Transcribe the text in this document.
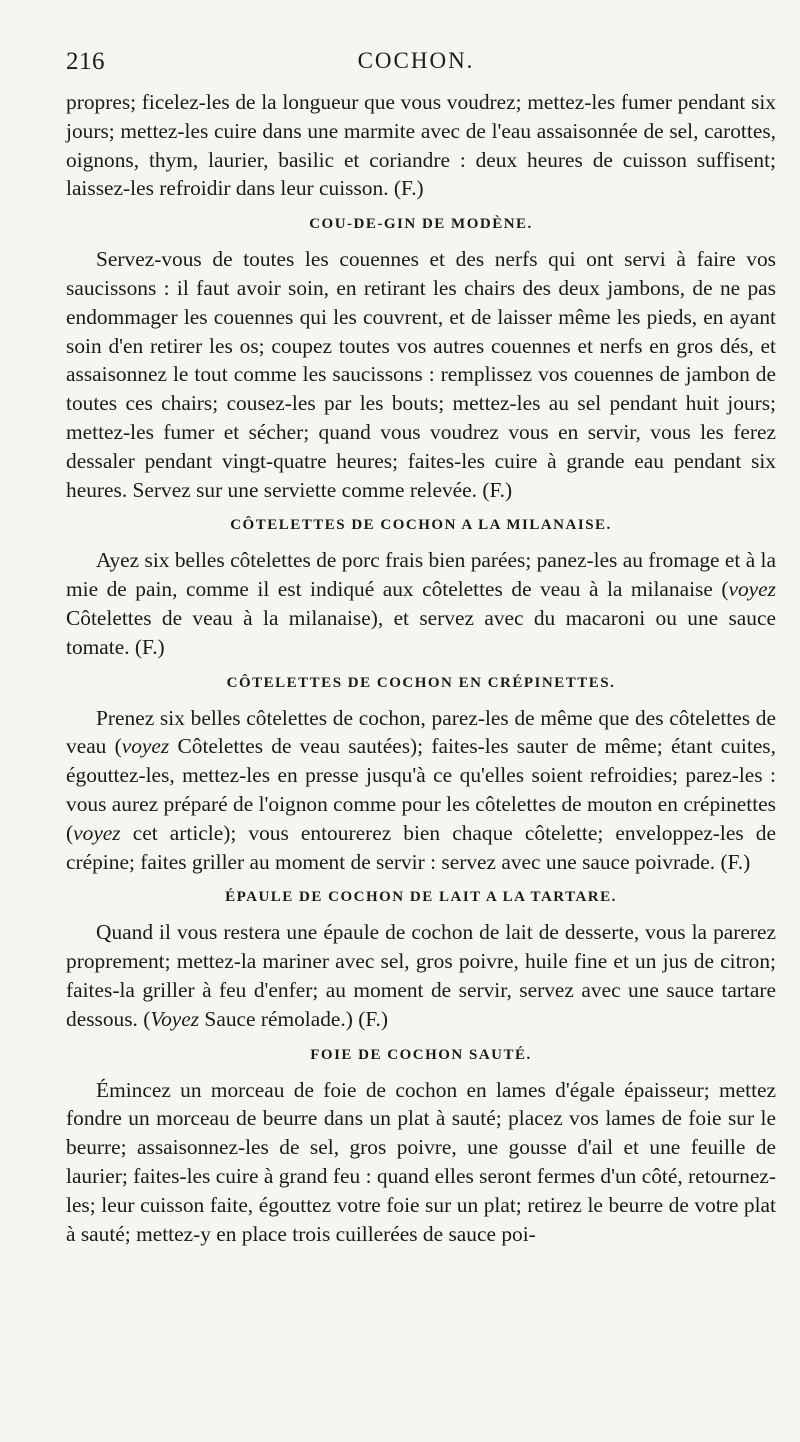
216	COCHON.

propres; ficelez-les de la longueur que vous voudrez; mettez-les fumer pendant six jours; mettez-les cuire dans une marmite avec de l'eau assaisonnée de sel, carottes, oignons, thym, laurier, basilic et coriandre : deux heures de cuisson suffisent; laissez-les refroidir dans leur cuisson. (F.)

COU-DE-GIN DE MODÈNE.

Servez-vous de toutes les couennes et des nerfs qui ont servi à faire vos saucissons : il faut avoir soin, en retirant les chairs des deux jambons, de ne pas endommager les couennes qui les couvrent, et de laisser même les pieds, en ayant soin d'en retirer les os; coupez toutes vos autres couennes et nerfs en gros dés, et assaisonnez le tout comme les saucissons : remplissez vos couennes de jambon de toutes ces chairs; cousez-les par les bouts; mettez-les au sel pendant huit jours; mettez-les fumer et sécher; quand vous voudrez vous en servir, vous les ferez dessaler pendant vingt-quatre heures; faites-les cuire à grande eau pendant six heures. Servez sur une serviette comme relevée. (F.)

CÔTELETTES DE COCHON A LA MILANAISE.

Ayez six belles côtelettes de porc frais bien parées; panez-les au fromage et à la mie de pain, comme il est indiqué aux côtelettes de veau à la milanaise (voyez Côtelettes de veau à la milanaise), et servez avec du macaroni ou une sauce tomate. (F.)

CÔTELETTES DE COCHON EN CRÉPINETTES.

Prenez six belles côtelettes de cochon, parez-les de même que des côtelettes de veau (voyez Côtelettes de veau sautées); faites-les sauter de même; étant cuites, égouttez-les, mettez-les en presse jusqu'à ce qu'elles soient refroidies; parez-les : vous aurez préparé de l'oignon comme pour les côtelettes de mouton en crépinettes (voyez cet article); vous entourerez bien chaque côtelette; enveloppez-les de crépine; faites griller au moment de servir : servez avec une sauce poivrade. (F.)

ÉPAULE DE COCHON DE LAIT A LA TARTARE.

Quand il vous restera une épaule de cochon de lait de desserte, vous la parerez proprement; mettez-la mariner avec sel, gros poivre, huile fine et un jus de citron; faites-la griller à feu d'enfer; au moment de servir, servez avec une sauce tartare dessous. (Voyez Sauce rémolade.) (F.)

FOIE DE COCHON SAUTÉ.

Émincez un morceau de foie de cochon en lames d'égale épaisseur; mettez fondre un morceau de beurre dans un plat à sauté; placez vos lames de foie sur le beurre; assaisonnez-les de sel, gros poivre, une gousse d'ail et une feuille de laurier; faites-les cuire à grand feu : quand elles seront fermes d'un côté, retournez-les; leur cuisson faite, égouttez votre foie sur un plat; retirez le beurre de votre plat à sauté; mettez-y en place trois cuillerées de sauce poi-
